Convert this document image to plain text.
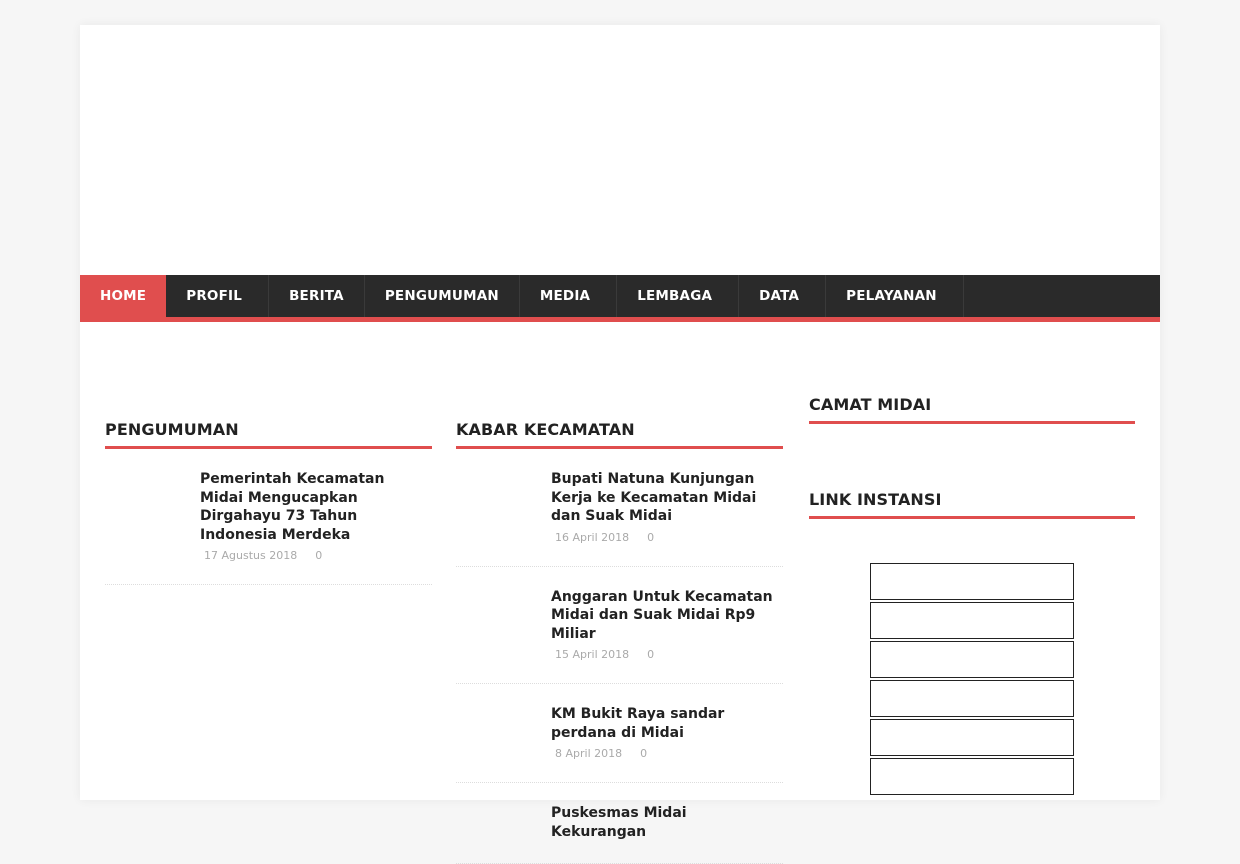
HOME	PROFIL	BERITA	PENGUMUMAN	MEDIA	LEMBAGA	DATA	PELAYANAN
PENGUMUMAN
Pemerintah Kecamatan Midai Mengucapkan Dirgahayu 73 Tahun Indonesia Merdeka
17 Agustus 2018 0
KABAR KECAMATAN
Bupati Natuna Kunjungan Kerja ke Kecamatan Midai dan Suak Midai
16 April 2018 0
Anggaran Untuk Kecamatan Midai dan Suak Midai Rp9 Miliar
15 April 2018 0
KM Bukit Raya sandar perdana di Midai
8 April 2018 0
Puskesmas Midai Kekurangan
CAMAT MIDAI
LINK INSTANSI
